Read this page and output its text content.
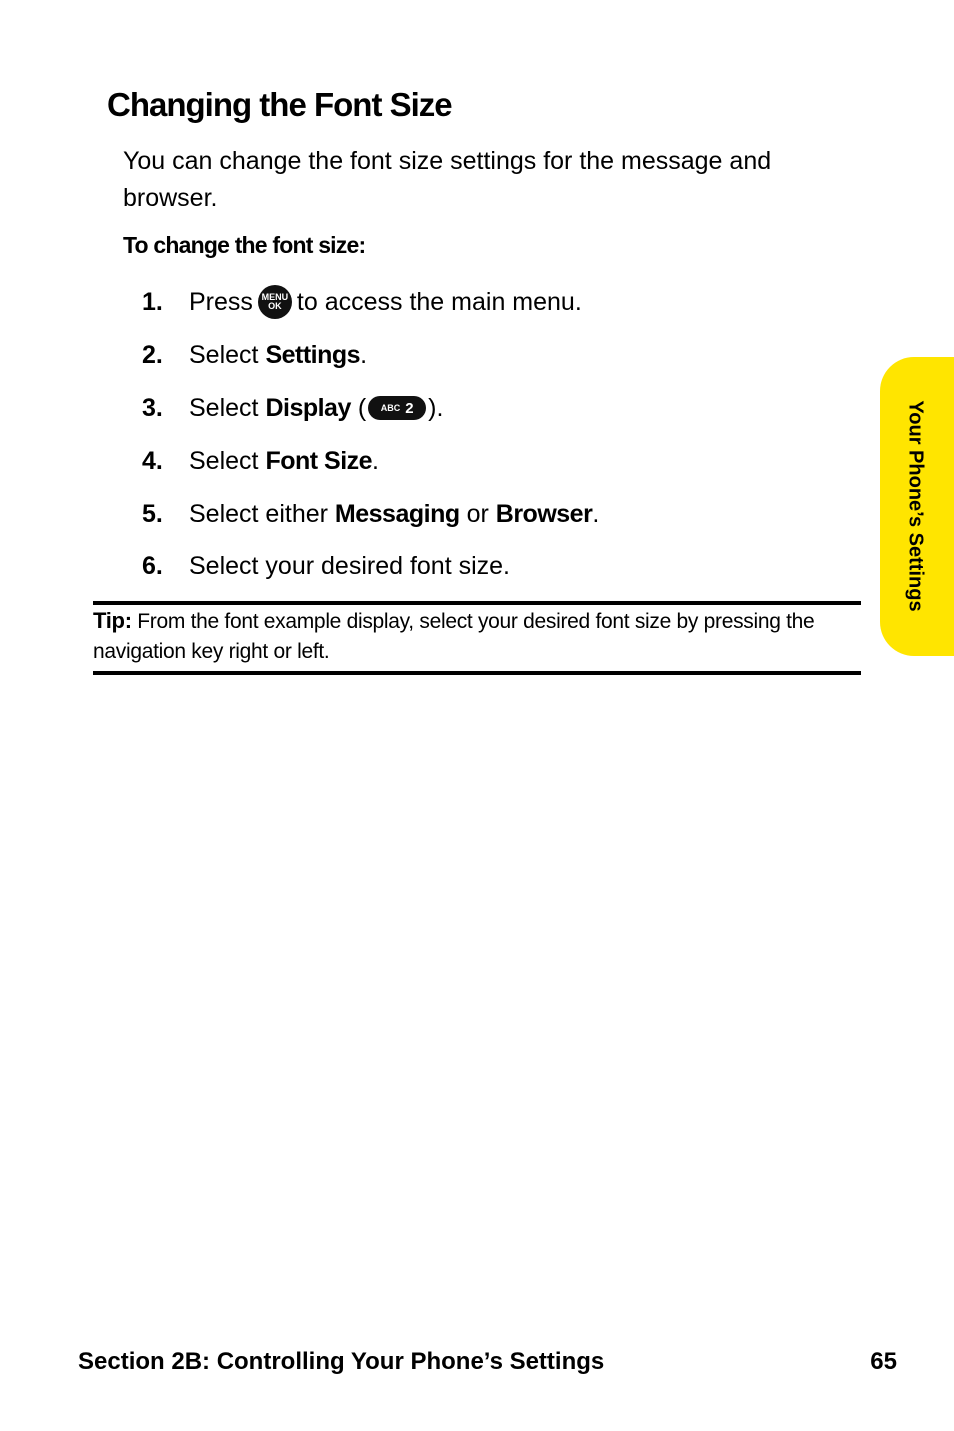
Changing the Font Size

You can change the font size settings for the message and browser.

To change the font size:

1.	Press MENU
OK to access the main menu.
2.	Select
Settings .
3.	Select
Display
( ABC 2 ).
4.	Select
Font Size .
5.	Select either
Messaging
or
Browser .
6.	Select your desired font size.

Tip: From the font example display, select your desired font size by pressing the navigation key right or left.

Your Phone’s Settings
Section 2B: Controlling Your Phone’s Settings	65
